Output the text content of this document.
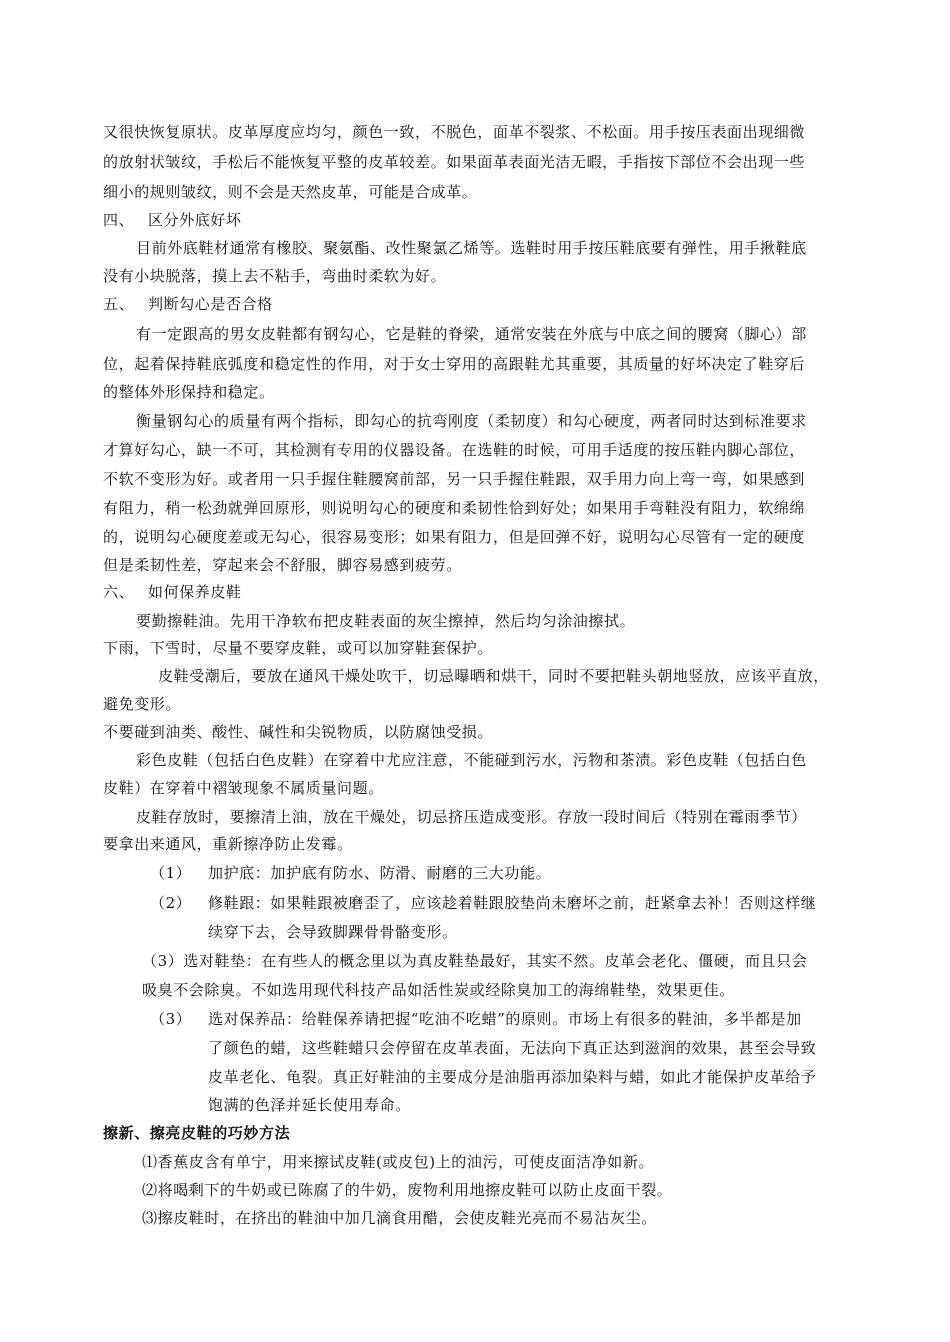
又很快恢复原状。皮革厚度应均匀，颜色一致，不脱色，面革不裂浆、不松面。用手按压表面出现细微
的放射状皱纹，手松后不能恢复平整的皮革较差。如果面革表面光洁无暇，手指按下部位不会出现一些
细小的规则皱纹，则不会是天然皮革，可能是合成革。
四、 区分外底好坏
目前外底鞋材通常有橡胶、聚氨酯、改性聚氯乙烯等。选鞋时用手按压鞋底要有弹性，用手揪鞋底
没有小块脱落，摸上去不粘手，弯曲时柔软为好。
五、 判断勾心是否合格
有一定跟高的男女皮鞋都有钢勾心，它是鞋的脊梁，通常安装在外底与中底之间的腰窝（脚心）部
位，起着保持鞋底弧度和稳定性的作用，对于女士穿用的高跟鞋尤其重要，其质量的好坏决定了鞋穿后
的整体外形保持和稳定。
衡量钢勾心的质量有两个指标，即勾心的抗弯刚度（柔韧度）和勾心硬度，两者同时达到标准要求
才算好勾心，缺一不可，其检测有专用的仪器设备。在选鞋的时候，可用手适度的按压鞋内脚心部位，
不软不变形为好。或者用一只手握住鞋腰窝前部，另一只手握住鞋跟，双手用力向上弯一弯，如果感到
有阻力，稍一松劲就弹回原形，则说明勾心的硬度和柔韧性恰到好处；如果用手弯鞋没有阻力，软绵绵
的，说明勾心硬度差或无勾心，很容易变形；如果有阻力，但是回弹不好，说明勾心尽管有一定的硬度
但是柔韧性差，穿起来会不舒服，脚容易感到疲劳。
六、 如何保养皮鞋
要勤擦鞋油。先用干净软布把皮鞋表面的灰尘擦掉，然后均匀涂油擦拭。
下雨，下雪时，尽量不要穿皮鞋，或可以加穿鞋套保护。
皮鞋受潮后，要放在通风干燥处吹干，切忌曝晒和烘干，同时不要把鞋头朝地竖放，应该平直放，
避免变形。
不要碰到油类、酸性、碱性和尖锐物质，以防腐蚀受损。
彩色皮鞋（包括白色皮鞋）在穿着中尤应注意，不能碰到污水，污物和茶渍。彩色皮鞋（包括白色
皮鞋）在穿着中褶皱现象不属质量问题。
皮鞋存放时，要擦清上油，放在干燥处，切忌挤压造成变形。存放一段时间后（特别在霉雨季节）
要拿出来通风，重新擦净防止发霉。
（1） 加护底：加护底有防水、防滑、耐磨的三大功能。
（2） 修鞋跟：如果鞋跟被磨歪了，应该趁着鞋跟胶垫尚未磨坏之前，赶紧拿去补！否则这样继
续穿下去，会导致脚踝骨骨骼变形。
（3）选对鞋垫：在有些人的概念里以为真皮鞋垫最好，其实不然。皮革会老化、僵硬，而且只会
吸臭不会除臭。不如选用现代科技产品如活性炭或经除臭加工的海绵鞋垫，效果更佳。
（3） 选对保养品：给鞋保养请把握“吃油不吃蜡”的原则。市场上有很多的鞋油，多半都是加
了颜色的蜡，这些鞋蜡只会停留在皮革表面，无法向下真正达到滋润的效果，甚至会导致
皮革老化、龟裂。真正好鞋油的主要成分是油脂再添加染料与蜡，如此才能保护皮革给予
饱满的色泽并延长使用寿命。
擦新、擦亮皮鞋的巧妙方法
⑴香蕉皮含有单宁，用来擦试皮鞋(或皮包)上的油污，可使皮面洁净如新。
⑵将喝剩下的牛奶或已陈腐了的牛奶，废物利用地擦皮鞋可以防止皮面干裂。
⑶擦皮鞋时，在挤出的鞋油中加几滴食用醋，会使皮鞋光亮而不易沾灰尘。
